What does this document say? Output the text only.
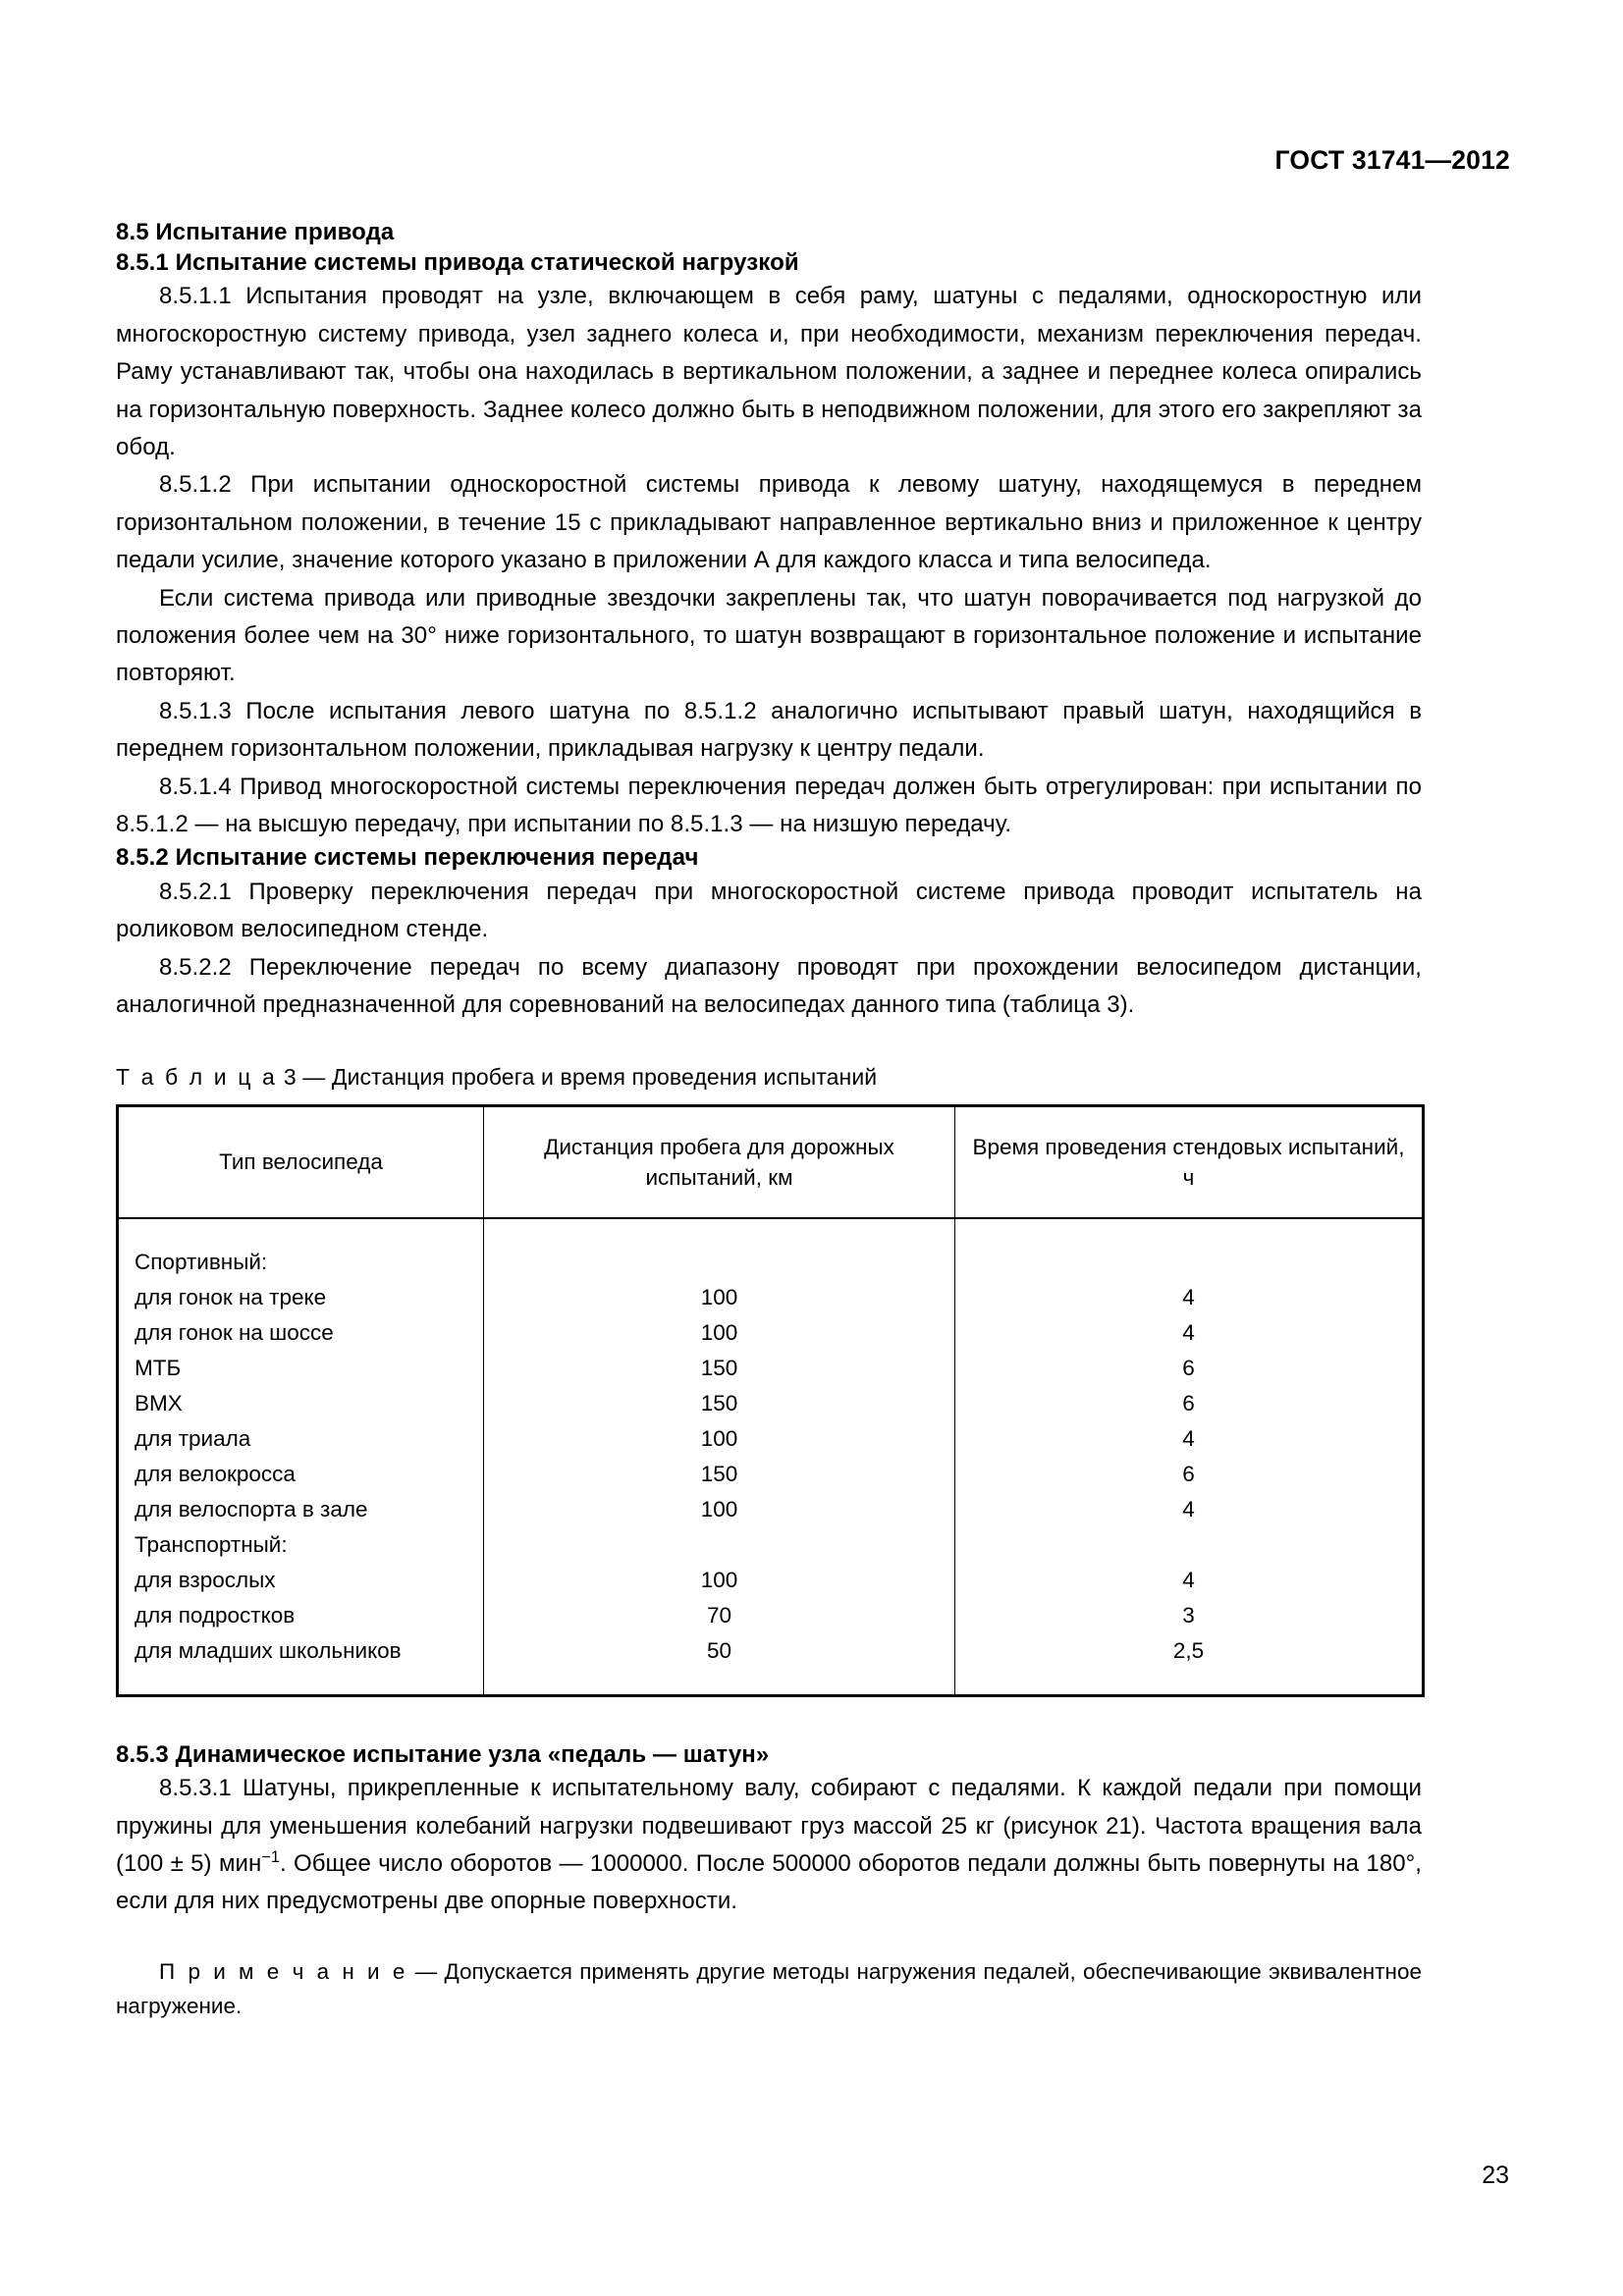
ГОСТ 31741—2012
8.5 Испытание привода
8.5.1 Испытание системы привода статической нагрузкой

8.5.1.1 Испытания проводят на узле, включающем в себя раму, шатуны с педалями, односкоростную или многоскоростную систему привода, узел заднего колеса и, при необходимости, механизм переключения передач. Раму устанавливают так, чтобы она находилась в вертикальном положении, а заднее и переднее колеса опирались на горизонтальную поверхность. Заднее колесо должно быть в неподвижном положении, для этого его закрепляют за обод.

8.5.1.2 При испытании односкоростной системы привода к левому шатуну, находящемуся в переднем горизонтальном положении, в течение 15 с прикладывают направленное вертикально вниз и приложенное к центру педали усилие, значение которого указано в приложении А для каждого класса и типа велосипеда.

Если система привода или приводные звездочки закреплены так, что шатун поворачивается под нагрузкой до положения более чем на 30° ниже горизонтального, то шатун возвращают в горизонтальное положение и испытание повторяют.

8.5.1.3 После испытания левого шатуна по 8.5.1.2 аналогично испытывают правый шатун, находящийся в переднем горизонтальном положении, прикладывая нагрузку к центру педали.

8.5.1.4 Привод многоскоростной системы переключения передач должен быть отрегулирован: при испытании по 8.5.1.2 — на высшую передачу, при испытании по 8.5.1.3 — на низшую передачу.

8.5.2 Испытание системы переключения передач

8.5.2.1 Проверку переключения передач при многоскоростной системе привода проводит испытатель на роликовом велосипедном стенде.

8.5.2.2 Переключение передач по всему диапазону проводят при прохождении велосипедом дистанции, аналогичной предназначенной для соревнований на велосипедах данного типа (таблица 3).

Т а б л и ц а 3 — Дистанция пробега и время проведения испытаний
Тип велосипеда	Дистанция пробега для дорожных испытаний, км	Время проведения стендовых испытаний, ч

Спортивный:		
для гонок на треке	100	4
для гонок на шоссе	100	4
МТБ	150	6
BMX	150	6
для триала	100	4
для велокросса	150	6
для велоспорта в зале	100	4
Транспортный:		
для взрослых	100	4
для подростков	70	3
для младших школьников	50	2,5

8.5.3 Динамическое испытание узла «педаль — шатун»

8.5.3.1 Шатуны, прикрепленные к испытательному валу, собирают с педалями. К каждой педали при помощи пружины для уменьшения колебаний нагрузки подвешивают груз массой 25 кг (рисунок 21). Частота вращения вала (100 ± 5) мин$^{-1}$. Общее число оборотов — 1000000. После 500000 оборотов педали должны быть повернуты на 180°, если для них предусмотрены две опорные поверхности.

П р и м е ч а н и е — Допускается применять другие методы нагружения педалей, обеспечивающие эквивалентное нагружение.

23
